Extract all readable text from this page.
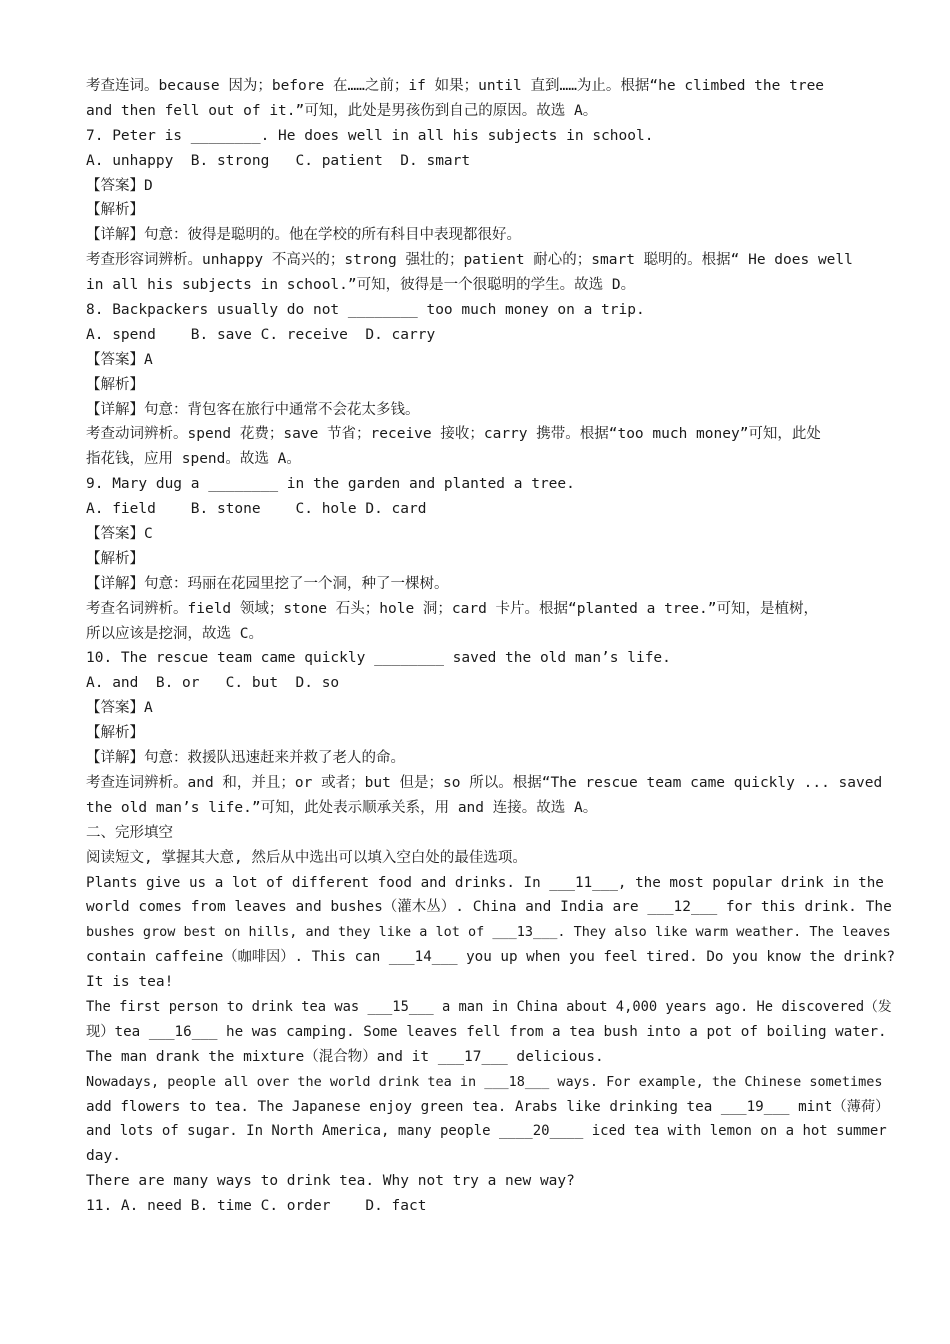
考查连词。because 因为；before 在……之前；if 如果；until 直到……为止。根据“he climbed the tree
and then fell out of it.”可知，此处是男孩伤到自己的原因。故选 A。
7. Peter is ________. He does well in all his subjects in school.
A. unhappy  B. strong   C. patient  D. smart
【答案】D
【解析】
【详解】句意：彼得是聪明的。他在学校的所有科目中表现都很好。
考查形容词辨析。unhappy 不高兴的；strong 强壮的；patient 耐心的；smart 聪明的。根据“ He does well
in all his subjects in school.”可知，彼得是一个很聪明的学生。故选 D。
8. Backpackers usually do not ________ too much money on a trip.
A. spend    B. save C. receive  D. carry
【答案】A
【解析】
【详解】句意：背包客在旅行中通常不会花太多钱。
考查动词辨析。spend 花费；save 节省；receive 接收；carry 携带。根据“too much money”可知，此处
指花钱，应用 spend。故选 A。
9. Mary dug a ________ in the garden and planted a tree.
A. field    B. stone    C. hole D. card
【答案】C
【解析】
【详解】句意：玛丽在花园里挖了一个洞，种了一棵树。
考查名词辨析。field 领域；stone 石头；hole 洞；card 卡片。根据“planted a tree.”可知，是植树，
所以应该是挖洞，故选 C。
10. The rescue team came quickly ________ saved the old man’s life.
A. and  B. or   C. but  D. so
【答案】A
【解析】
【详解】句意：救援队迅速赶来并救了老人的命。
考查连词辨析。and 和，并且；or 或者；but 但是；so 所以。根据“The rescue team came quickly ... saved
the old man’s life.”可知，此处表示顺承关系，用 and 连接。故选 A。
二、完形填空
阅读短文, 掌握其大意, 然后从中选出可以填入空白处的最佳选项。
Plants give us a lot of different food and drinks. In ___11___, the most popular drink in the
world comes from leaves and bushes（灌木丛）. China and India are ___12___ for this drink. The
bushes grow best on hills, and they like a lot of ___13___. They also like warm weather. The leaves
contain caffeine（咖啡因）. This can ___14___ you up when you feel tired. Do you know the drink?
It is tea!
The first person to drink tea was ___15___ a man in China about 4,000 years ago. He discovered（发
现）tea ___16___ he was camping. Some leaves fell from a tea bush into a pot of boiling water.
The man drank the mixture（混合物）and it ___17___ delicious.
Nowadays, people all over the world drink tea in ___18___ ways. For example, the Chinese sometimes
add flowers to tea. The Japanese enjoy green tea. Arabs like drinking tea ___19___ mint（薄荷）
and lots of sugar. In North America, many people ____20____ iced tea with lemon on a hot summer
day.
There are many ways to drink tea. Why not try a new way?
11. A. need B. time C. order    D. fact
